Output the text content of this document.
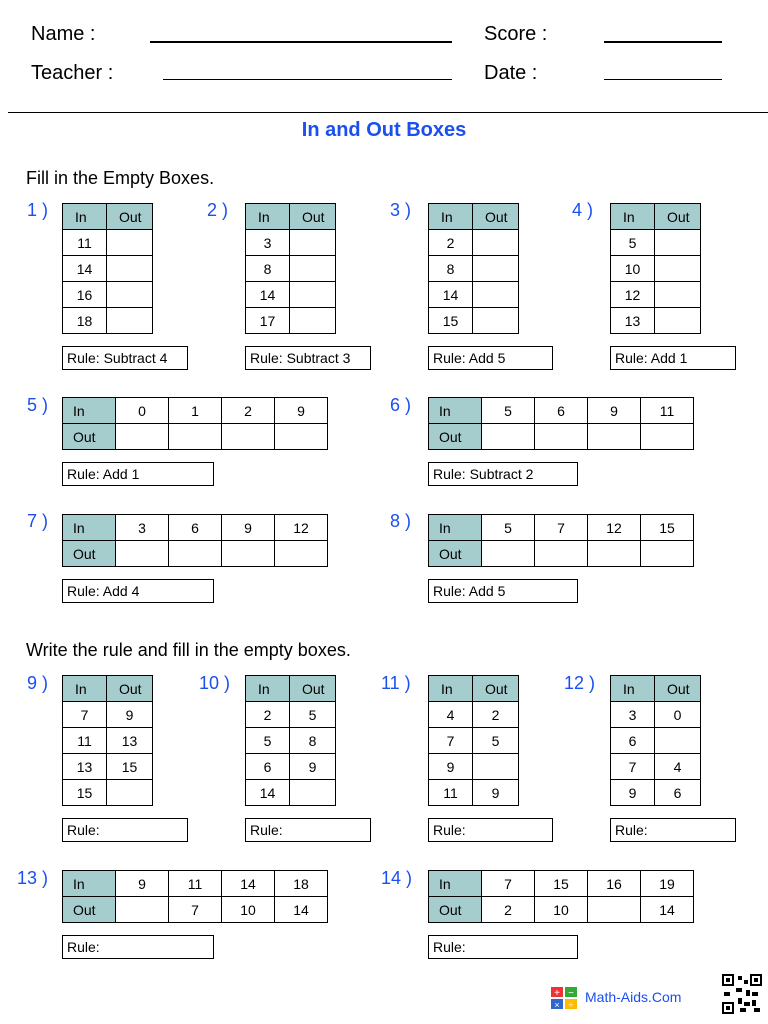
Name :
Teacher :
Score :
Date :
In and Out Boxes
Fill in the Empty Boxes.
Write the rule and fill in the empty boxes.
1 ) In	Out
11	
14	
16	
18	
Rule: Subtract 4
2 ) In	Out
3	
8	
14	
17	
Rule: Subtract 3
3 ) In	Out
2	
8	
14	
15	
Rule: Add 5
4 ) In	Out
5	
10	
12	
13	
Rule: Add 1
5 ) In	0	1	2	9
Out				
Rule: Add 1
6 ) In	5	6	9	11
Out				
Rule: Subtract 2
7 ) In	3	6	9	12
Out				
Rule: Add 4
8 ) In	5	7	12	15
Out				
Rule: Add 5
9 ) In	Out
7	9
11	13
13	15
15	
Rule:
10 ) In	Out
2	5
5	8
6	9
14	
Rule:
11 ) In	Out
4	2
7	5
9	
11	9
Rule:
12 ) In	Out
3	0
6	
7	4
9	6
Rule:
13 ) In	9	11	14	18
Out		7	10	14
Rule:
14 ) In	7	15	16	19
Out	2	10		14
Rule:
+ −
× ÷ Math-Aids.Com
